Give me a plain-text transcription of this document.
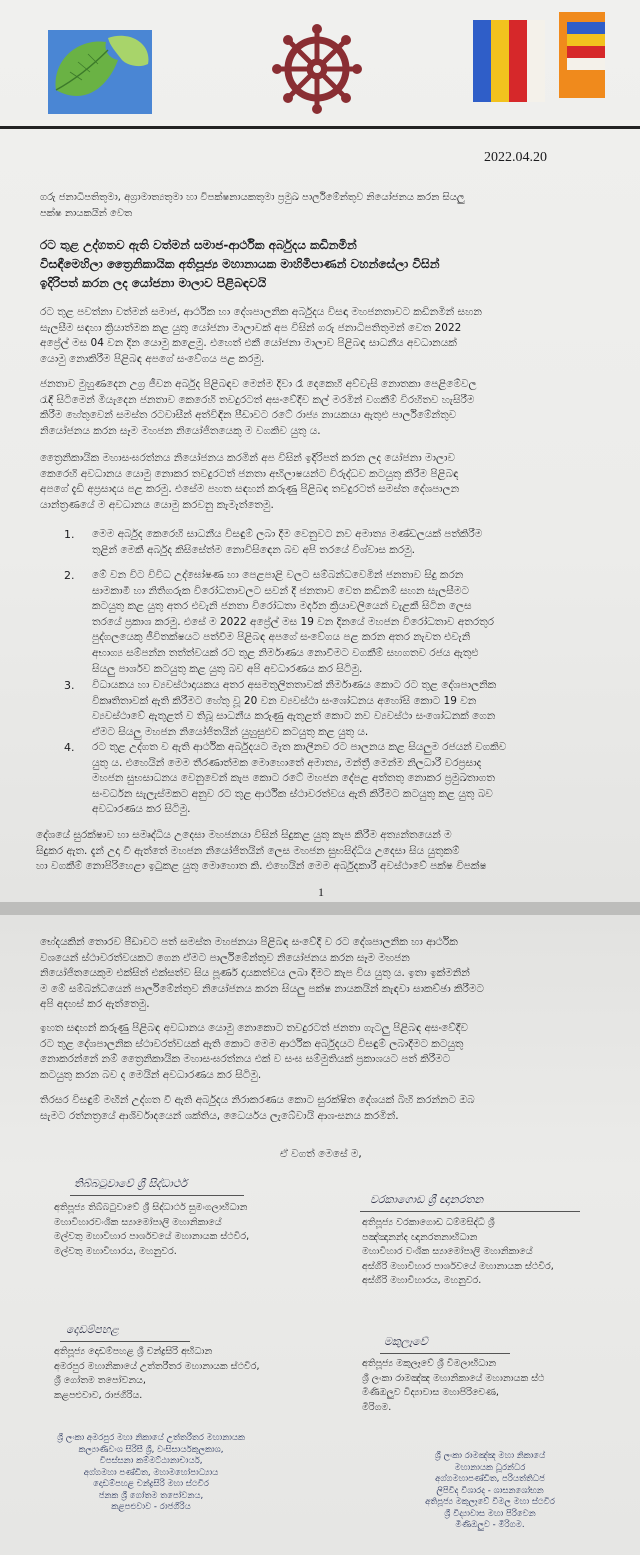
2022.04.20
ගරු ජනාධිපතිතුමා, අග්‍රාමාත්‍යතුමා හා විපක්ෂනායකතුමා ප්‍රමුඛ පාර්ලිමේන්තුව නියෝජනය කරන සියලු
පක්ෂ නායකයින් වෙත
රට තුළ උද්ගතව ඇති වත්මන් සමාජ-ආර්ථික අර්බුදය කඩිනමින්
විසඳීමෙහිලා ත්‍රෛනිකායික අතිපූජ්‍ය මහානායක මාහිමිපාණන් වහන්සේලා විසින්
ඉදිරිපත් කරන ලද යෝජනා මාලාව පිළිබඳවයි
රට තුළ පවත්නා වත්මන් සමාජ, ආර්ථික හා දේශපාලනික අර්බුදය විසඳා මහජනතාවට කඩිනමින් සහන
සැලසීම සඳහා ක්‍රියාත්මක කළ යුතු යෝජනා මාලාවක් අප විසින් ගරු ජනාධිපතිතුමන් වෙත 2022
අප්‍රේල් මස 04 වන දින යොමු කළෙමු. එහෙත් එකී යෝජනා මාලාව පිළිබඳ සාධනීය අවධානයක්
යොමු නොකිරීම පිළිබඳ අපගේ සංවේගය පළ කරමු.
ජනතාව මුහුණදෙන උග්‍ර ජීවන අර්බුද පිළිබඳව මෙන්ම දිවා රෑ දෙකෙහි අව්වැසි නොතකා පෙළිමේවල
රැඳී සිටිමෙන් මියැදෙන ජනතාව කෙරෙහි තවදුරටත් අසංවේදීව කල් මරමින් වගකීම් විරහිතව හැසිරීම
කිරීම හේතුවෙන් සමස්ත රටවාසීන් අත්විඳින පීඩාවට රටේ රාජ්‍ය නායකයා ඇතුළු පාර්ලිමේන්තුව
නියෝජනය කරන සෑම මහජන නියෝජිතයෙකු ම වගකිව යුතු ය.
ත්‍රෛනිකායික මහාසංඝරත්නය නියෝජනය කරමින් අප විසින් ඉදිරිපත් කරන ලද යෝජනා මාලාව
කෙරෙහි අවධානය යොමු නොකර තවදුරටත් ජනතා අභිලාෂයන්ට විරුද්ධව කටයුතු කිරීම පිළිබඳ
අපගේ දැඩි අප්‍රසාදය පළ කරමු. එසේම පහත සඳහන් කරුණු පිළිබඳ තවදුරටත් සමස්ත දේශපාලන
යාන්ත්‍රණයේ ම අවධානය යොමු කරවනු කැමැත්තෙමු.
1. මෙම අර්බුද කෙරෙහි සාධනීය විසඳුම් ලබා දීම වෙනුවට නව අමාත්‍ය මණ්ඩලයක් පත්කිරීම
තුළින් මෙකී අර්බුද කිසිසේත්ම නොවිසිඳෙන බව අපි තරයේ විශ්වාස කරමු.
2. මේ වන විට විවිධ උද්ඝෝෂණ හා පෙළපාළි වලට සම්බන්ධවෙමින් ජනතාව සිදු කරන
සාමකාමී හා නිතිගරුක විරෝධතාවලට සවන් දී ජනතාව වෙත කඩිනම් සහන සැලසීමට
කටයුතු කළ යුතු අතර එවැනි ජනතා විරෝධතා මර්දන ක්‍රියාවලියෙන් වැළකී සිටින ලෙස
තරයේ ප්‍රකාශ කරමු. එසේ ම 2022 අප්‍රේල් මස 19 වන දිනයේ මහජන විරෝධතාව අතරතුර
පුද්ගලයෙකු ජීවිතක්ෂයට පත්වීම පිළිබඳ අපගේ සංවේගය පළ කරන අතර නැවත එවැනි
අභාග්‍ය සම්පන්න තත්ත්වයක් රට තුළ නිර්මාණය නොවීමට වගකීම් සහගතව රජය ඇතුළු
සියලු පාර්ශව කටයුතු කළ යුතු බව අපි අවධාරණය කර සිටිමු.
3. විධායකය හා ව්‍යවස්ථාදායකය අතර අසමතුලිතතාවක් නිර්මාණය කොට රට තුළ දේශපාලනික
විකෘතිතාවක් ඇති කිරීමට හේතු වූ 20 වන ව්‍යවස්ථා සංශෝධනය අහෝසි කොට 19 වන
ව්‍යවස්ථාවේ ඇතුළත් ව තිබූ සාධනීය කරුණු ඇතුළත් කොට නව ව්‍යවස්ථා සංශෝධනක් ගෙන
ඒමට සියලු මහජන නියෝජිතයින් යුහුසුළුව කටයුතු කළ යුතු ය.
4. රට තුළ උද්ගත ව ඇති ආර්ථික අර්බුදයට මැත කාලීනව රට පාලනය කළ සියලුම රජයන් වගකිව
යුතු ය. එහෙයින් මෙම තීරණාත්මක මොහොතේ අමාත්‍ය, මන්ත්‍රී මෙන්ම නිලධාරී වරප්‍රසාද
මහජන සුභසාධනය වෙනුවෙන් කැප කොට රටේ මහජන දේපළ අත්තතු නොකර ප්‍රමුඛතාගත
සංවර්ධන සැලැස්මකට අනුව රට තුළ ආර්ථික ස්ථාවරත්වය ඇති කිරීමට කටයුතු කළ යුතු බව
අවධාරණය කර සිටිමු.
දේශයේ සුරක්ෂාව හා සමෘද්ධිය උදෙසා මහජනයා විසින් සිදුකළ යුතු කැප කිරීම අත්‍යන්තයෙන් ම
සිදුකර ඇත. දැන් උදා වී ඇත්තේ මහජන නියෝජිතයින් ලෙස මහජන සුභසිද්ධිය උදෙසා සිය යුතුකම්
හා වගකීම් නොපිරිහෙළා ඉටුකළ යුතු මොහොත කි. එහෙයින් මෙම අර්බුදකාරී අවස්ථාවේ පක්ෂ විපක්ෂ
1
භේදයකින් තොරව පීඩාවට පත් සමස්ත මහජනයා පිළිබඳ සංවේදී ව රට දේශපාලනික හා ආර්ථික
වශයෙන් ස්ථාවරත්වයකට ගෙන ඒමට පාර්ලිමේන්තුව නියෝජනය කරන සෑම මහජන
නියෝජිතයෙකුම එක්සිත් එක්සත්ව සිය පූර්ණ දායකත්වය ලබා දීමට කැප විය යුතු ය. ඉතා ඉක්මනින්
ම මේ සම්බන්ධයෙන් පාර්ලිමේන්තුව නියෝජනය කරන සියලු පක්ෂ නායකයින් කැඳවා සාකච්ඡා කිරීමට
අපි අදහස් කර ඇත්තෙමු.
ඉහත සඳහන් කරුණු පිළිබඳ අවධානය යොමු නොකොට තවදුරටත් ජනතා ගැටලු පිළිබඳ අසංවේදීව
රට තුළ දේශපාලනික ස්ථාවරත්වයක් ඇති කොට මෙම ආර්ථික අර්බුදයට විසඳුම් ලබාදීමට කටයුතු
නොකරන්නේ නම් ත්‍රෛනිකායික මහාසංඝරත්නය එක් ව සංඝ සම්මුතියක් ප්‍රකාශයට පත් කිරීමට
කටයුතු කරන බව ද මෙයින් අවධාරණය කර සිටිමු.
තිරසර විසඳුම් මඟින් උද්ගත වී ඇති අර්බුදය නිරාකරණය කොට සුරක්ෂිත දේශයක් බිහි කරන්නට ඔබ
සැමට රත්නත්‍රයේ ආශිර්වාදයෙන් ශක්තිය, ධෛර්යය ලැබේවායි ආශංසනය කරමින්.
ඒ වගත් මෙසේ ම,
තිබ්බටුවාවේ ශ්‍රී සිද්ධාර්ථ
අතිපූජ්‍ය තිබ්බටුවාවේ ශ්‍රී සිද්ධාර්ථ සුමංගලාභිධාන
මහාවිහාරවංශික ස්‍යාමෝපාලි මහානිකායේ
මල්වතු මහාවිහාර පාර්ශවයේ මහානායක ස්ථවිර,
මල්වතු මහාවිහාරය, මහනුවර.
වරකාගොඩ ශ්‍රී ඥානරතන
අතිපූජ්‍ය වරකාගොඩ ධම්මසිද්ධි ශ්‍රී
පඤ්ඤානන්ද ඥානරතනාභිධාන
මහාවිහාර වංශික ස්‍යාමෝපාලි මහානිකායේ
අස්ගිරි මහාවිහාර පාර්ශවයේ මහානායක ස්ථවිර,
අස්ගිරි මහාවිහාරය, මහනුවර.
දොඩම්පහළ
අතිපූජ්‍ය දොඩම්පහළ ශ්‍රී චන්ද්‍රසිරි අභිධාන
අමරපුර මහානිකායේ උත්තරීතර මහානායක ස්ථවිර,
ශ්‍රී ගෝතම තපෝවනය,
කළපළුවාව, රාජගිරිය.
මකුලෑවේ
අතිපූජ්‍ය මකුලෑවේ ශ්‍රී විමලාභිධාන
ශ්‍රී ලංකා රාමඤ්ඤ මහානිකායේ මහානායක ස්ථ
මිණිඔලුව විද්‍යාවාස මහාපිරිවෙණ,
මීරිගම.
ශ්‍රී ලංකා අමරපුර මහා නිකායේ උත්තරීතර මහානායක
කල්‍යාණිවංශ සිරිසී ශ්‍රී, වංසිසාර්යකුලකාශ,
විපස්සනා කම්මට්ඨානාචාර්ය,
අග්ගමහා පණ්ඩිත, මහාමහෝපාධ්‍යාය
දොඩම්පහළ චන්ද්‍රසිරි මහා ස්ථවිර
ජනක ශ්‍රී ගෝතම තපෝවනය,
කළපළුවාව - රාජගිරිය
ශ්‍රී ලංකා රාමඤ්ඤ මහා නිකායේ
මහානායක ධූරන්ධර
අග්ගමහාපණ්ඩිත, පරියත්තිධජ
ලිපිවිද විශාරද - ශාසනශෝභන
අතිපූජ්‍ය මකුලෑවේ විමල මහා ස්ථවිර
ශ්‍රී විද්‍යාවාස මහා පිරිවෙන
මිණිඔලුව - මීරිගම.
